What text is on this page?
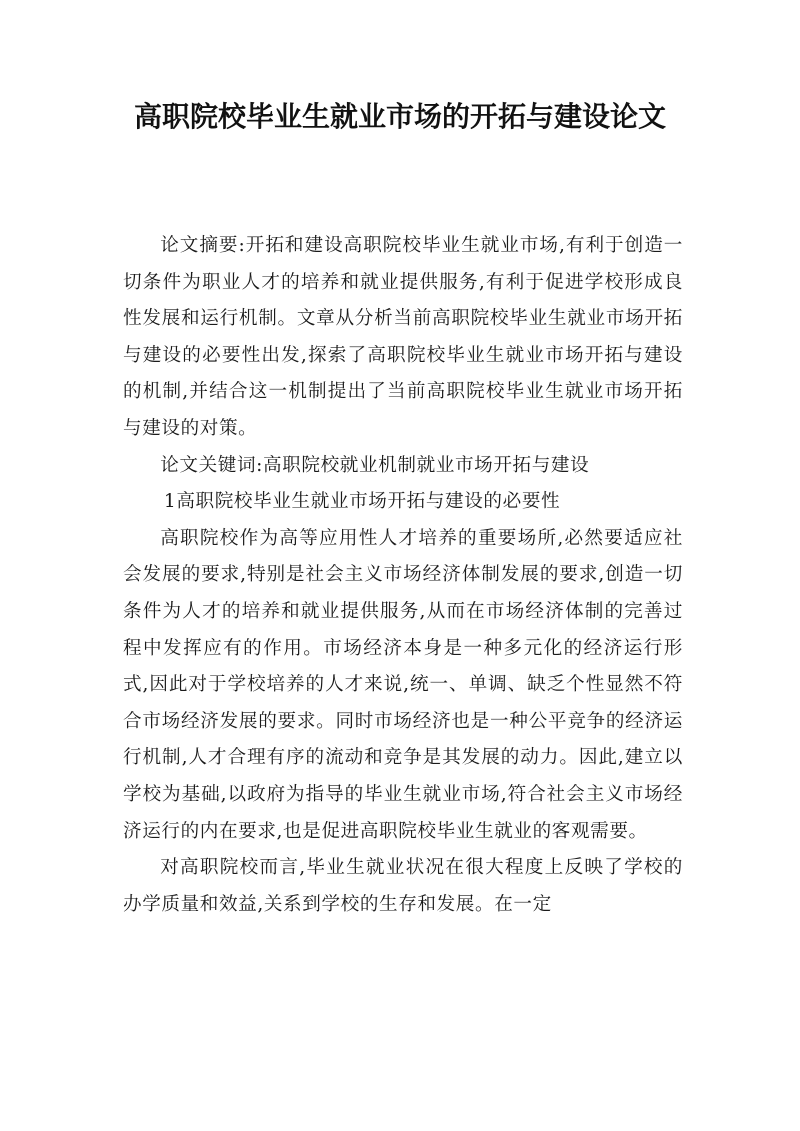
高职院校毕业生就业市场的开拓与建设论文

论文摘要:开拓和建设高职院校毕业生就业市场,有利于创造一切条件为职业人才的培养和就业提供服务,有利于促进学校形成良性发展和运行机制。文章从分析当前高职院校毕业生就业市场开拓与建设的必要性出发,探索了高职院校毕业生就业市场开拓与建设的机制,并结合这一机制提出了当前高职院校毕业生就业市场开拓与建设的对策。

论文关键词:高职院校就业机制就业市场开拓与建设

1高职院校毕业生就业市场开拓与建设的必要性

高职院校作为高等应用性人才培养的重要场所,必然要适应社会发展的要求,特别是社会主义市场经济体制发展的要求,创造一切条件为人才的培养和就业提供服务,从而在市场经济体制的完善过程中发挥应有的作用。市场经济本身是一种多元化的经济运行形式,因此对于学校培养的人才来说,统一、单调、缺乏个性显然不符合市场经济发展的要求。同时市场经济也是一种公平竞争的经济运行机制,人才合理有序的流动和竞争是其发展的动力。因此,建立以学校为基础,以政府为指导的毕业生就业市场,符合社会主义市场经济运行的内在要求,也是促进高职院校毕业生就业的客观需要。

对高职院校而言,毕业生就业状况在很大程度上反映了学校的办学质量和效益,关系到学校的生存和发展。在一定
